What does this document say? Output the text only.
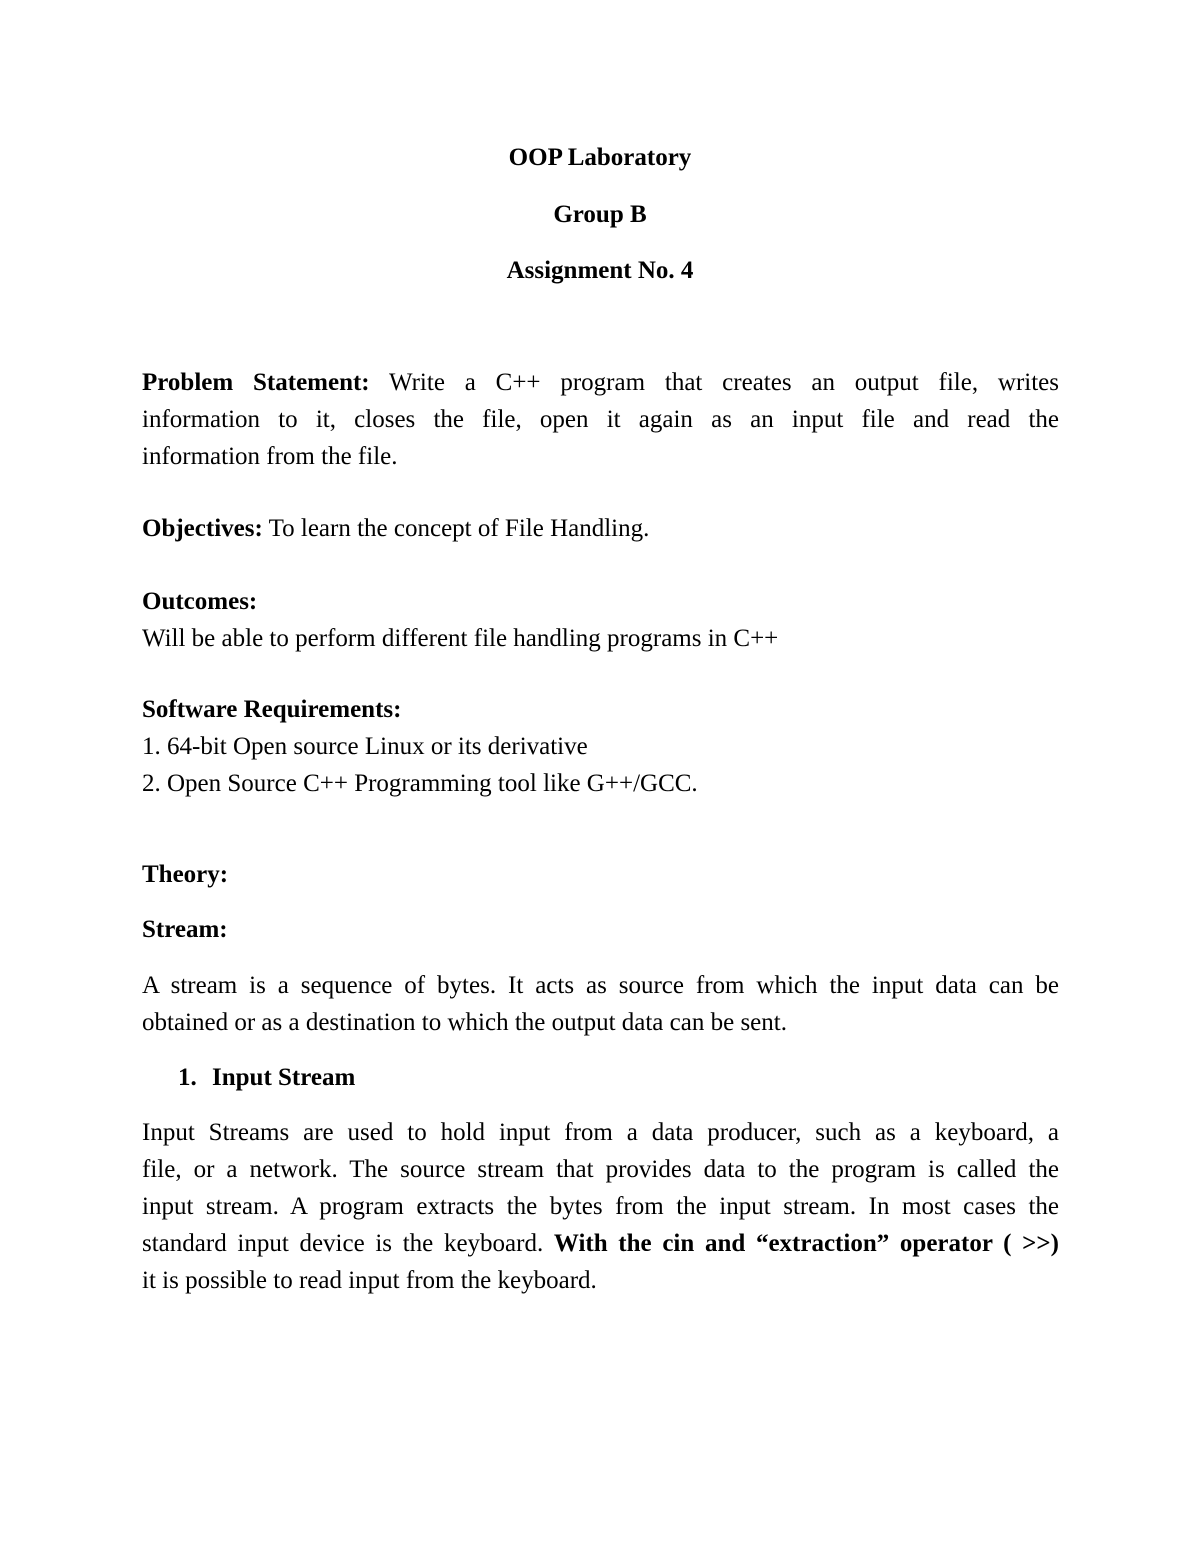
OOP Laboratory
Group B
Assignment No. 4
Problem Statement: Write a C++ program that creates an output file, writes
information to it, closes the file, open it again as an input file and read the
information from the file.
Objectives: To learn the concept of File Handling.
Outcomes:
Will be able to perform different file handling programs in C++
Software Requirements:
1. 64-bit Open source Linux or its derivative
2. Open Source C++ Programming tool like G++/GCC.
Theory:
Stream:
A stream is a sequence of bytes. It acts as source from which the input data can be
obtained or as a destination to which the output data can be sent.
1. Input Stream
Input Streams are used to hold input from a data producer, such as a keyboard, a
file, or a network. The source stream that provides data to the program is called the
input stream. A program extracts the bytes from the input stream. In most cases the
standard input device is the keyboard. With the cin and “extraction” operator ( >>)
it is possible to read input from the keyboard.
